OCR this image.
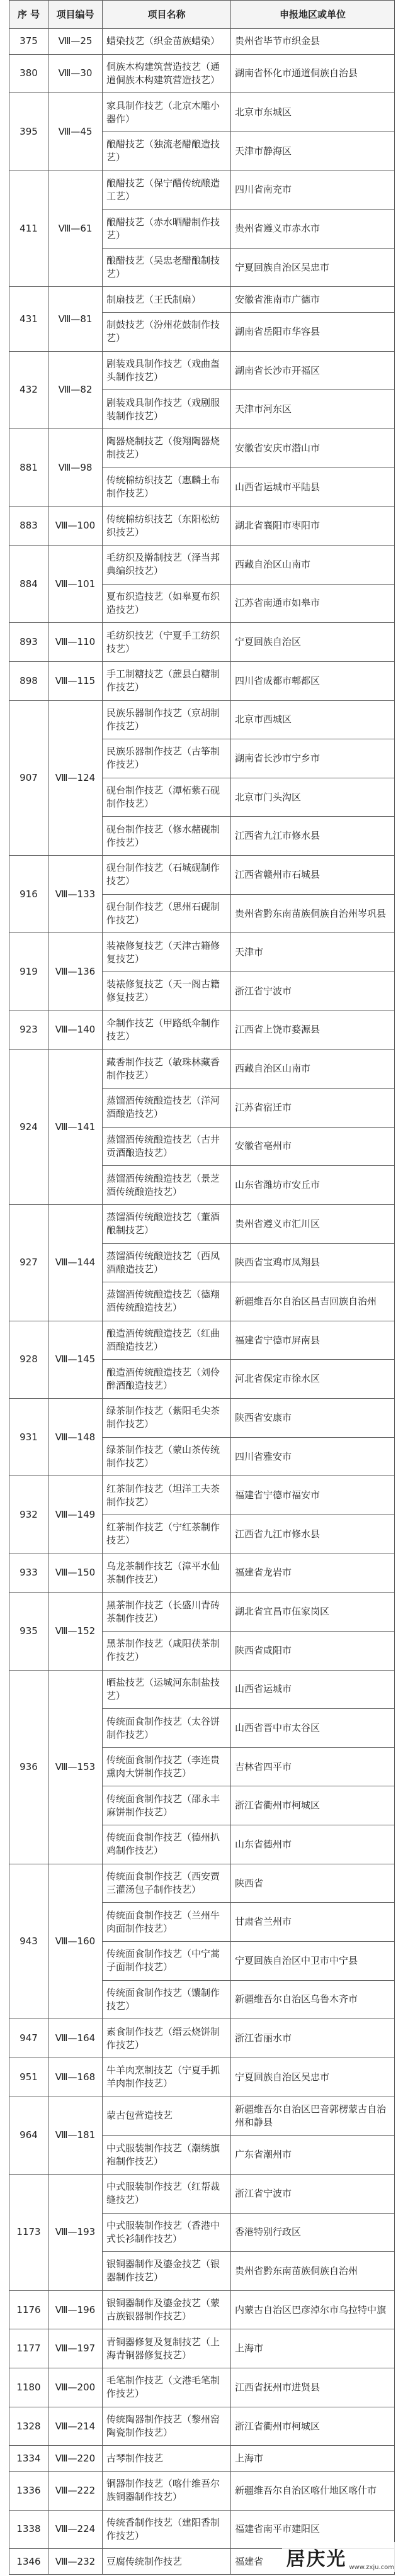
序 号	项目编号	项目名称	申报地区或单位
375	Ⅷ—25	蜡染技艺（织金苗族蜡染）	贵州省毕节市织金县
380	Ⅷ—30	侗族木构建筑营造技艺（通道侗族木构建筑营造技艺）	湖南省怀化市通道侗族自治县
395	Ⅷ—45	家具制作技艺（北京木雕小器作）	北京市东城区
		酿醋技艺（独流老醋酿造技艺）	天津市静海区
411	Ⅷ—61	酿醋技艺（保宁醋传统酿造工艺）	四川省南充市
		酿醋技艺（赤水晒醋制作技艺）	贵州省遵义市赤水市
		酿醋技艺（吴忠老醋酿制技艺）	宁夏回族自治区吴忠市
431	Ⅷ—81	制扇技艺（王氏制扇）	安徽省淮南市广德市
		制鼓技艺（汾州花鼓制作技艺）	湖南省岳阳市华容县
432	Ⅷ—82	剧装戏具制作技艺（戏曲盔头制作技艺）	湖南省长沙市开福区
		剧装戏具制作技艺（戏剧服装制作技艺）	天津市河东区
881	Ⅷ—98	陶器烧制技艺（俊翔陶器烧制技艺）	安徽省安庆市潜山市
		传统棉纺织技艺（惠麟土布制作技艺）	山西省运城市平陆县
883	Ⅷ—100	传统棉纺织技艺（东阳松纺织技艺）	湖北省襄阳市枣阳市
884	Ⅷ—101	毛纺织及擀制技艺（泽当邦典编织技艺）	西藏自治区山南市
		夏布织造技艺（如皋夏布织造技艺）	江苏省南通市如皋市
893	Ⅷ—110	毛纺织技艺（宁夏手工纺织技艺）	宁夏回族自治区
898	Ⅷ—115	手工制糖技艺（蔗县白糖制作技艺）	四川省成都市郫都区
907	Ⅷ—124	民族乐器制作技艺（京胡制作技艺）	北京市西城区
		民族乐器制作技艺（古筝制作技艺）	湖南省长沙市宁乡市
		砚台制作技艺（潭柘紫石砚制作技艺）	北京市门头沟区
		砚台制作技艺（修水赭砚制作技艺）	江西省九江市修水县
916	Ⅷ—133	砚台制作技艺（石城砚制作技艺）	江西省赣州市石城县
		砚台制作技艺（思州石砚制作技艺）	贵州省黔东南苗族侗族自治州岑巩县
919	Ⅷ—136	装裱修复技艺（天津古籍修复技艺）	天津市
		装裱修复技艺（天一阁古籍修复技艺）	浙江省宁波市
923	Ⅷ—140	伞制作技艺（甲路纸伞制作技艺）	江西省上饶市婺源县
924	Ⅷ—141	藏香制作技艺（敏珠林藏香制作技艺）	西藏自治区山南市
		蒸馏酒传统酿造技艺（洋河酒酿造技艺）	江苏省宿迁市
		蒸馏酒传统酿造技艺（古井贡酒酿造技艺）	安徽省亳州市
		蒸馏酒传统酿造技艺（景芝酒传统酿造技艺）	山东省潍坊市安丘市
927	Ⅷ—144	蒸馏酒传统酿造技艺（董酒酿制技艺）	贵州省遵义市汇川区
		蒸馏酒传统酿造技艺（西凤酒酿造技艺）	陕西省宝鸡市凤翔县
		蒸馏酒传统酿造技艺（德翔酒传统酿造技艺）	新疆维吾尔自治区昌吉回族自治州
928	Ⅷ—145	酿造酒传统酿造技艺（红曲酒酿造技艺）	福建省宁德市屏南县
		酿造酒传统酿造技艺（刘伶醉酒酿造技艺）	河北省保定市徐水区
931	Ⅷ—148	绿茶制作技艺（紫阳毛尖茶制作技艺）	陕西省安康市
		绿茶制作技艺（蒙山茶传统制作技艺）	四川省雅安市
932	Ⅷ—149	红茶制作技艺（坦洋工夫茶制作技艺）	福建省宁德市福安市
		红茶制作技艺（宁红茶制作技艺）	江西省九江市修水县
933	Ⅷ—150	乌龙茶制作技艺（漳平水仙茶制作技艺）	福建省龙岩市
935	Ⅷ—152	黑茶制作技艺（长盛川青砖茶制作技艺）	湖北省宜昌市伍家岗区
		黑茶制作技艺（咸阳茯茶制作技艺）	陕西省咸阳市
936	Ⅷ—153	晒盐技艺（运城河东制盐技艺）	山西省运城市
		传统面食制作技艺（太谷饼制作技艺）	山西省晋中市太谷区
		传统面食制作技艺（李连贵熏肉大饼制作技艺）	吉林省四平市
		传统面食制作技艺（邵永丰麻饼制作技艺）	浙江省衢州市柯城区
		传统面食制作技艺（德州扒鸡制作技艺）	山东省德州市
943	Ⅷ—160	传统面食制作技艺（西安贾三灌汤包子制作技艺）	陕西省
		传统面食制作技艺（兰州牛肉面制作技艺）	甘肃省兰州市
		传统面食制作技艺（中宁蒿子面制作技艺）	宁夏回族自治区中卫市中宁县
		传统面食制作技艺（馕制作技艺）	新疆维吾尔自治区乌鲁木齐市
947	Ⅷ—164	素食制作技艺（缙云烧饼制作技艺）	浙江省丽水市
951	Ⅷ—168	牛羊肉烹制技艺（宁夏手抓羊肉制作技艺）	宁夏回族自治区吴忠市
964	Ⅷ—181	蒙古包营造技艺	新疆维吾尔自治区巴音郭楞蒙古自治州和静县
		中式服装制作技艺（潮绣旗袍制作技艺）	广东省潮州市
1173	Ⅷ—193	中式服装制作技艺（红帮裁缝技艺）	浙江省宁波市
		中式服装制作技艺（香港中式长衫制作技艺）	香港特别行政区
		银铜器制作及鎏金技艺（银器制作技艺）	贵州省黔东南苗族侗族自治州
1176	Ⅷ—196	银铜器制作及鎏金技艺（蒙古族银器制作技艺）	内蒙古自治区巴彦淖尔市乌拉特中旗
1177	Ⅷ—197	青铜器修复及复制技艺（上海青铜器修复技艺）	上海市
1180	Ⅷ—200	毛笔制作技艺（文港毛笔制作技艺）	江西省抚州市进贤县
1328	Ⅷ—214	传统陶器制作技艺（黎州窑陶瓷制作技艺）	浙江省衢州市柯城区
1334	Ⅷ—220	古琴制作技艺	上海市
1336	Ⅷ—222	铜器制作技艺（喀什维吾尔族铜器制作技艺）	新疆维吾尔自治区喀什地区喀什市
1338	Ⅷ—224	传统香制作技艺（建阳香制作技艺）	福建省南平市建阳区
1346	Ⅷ—232	豆腐传统制作技艺	福建省 居庆光 www.zxju.com
